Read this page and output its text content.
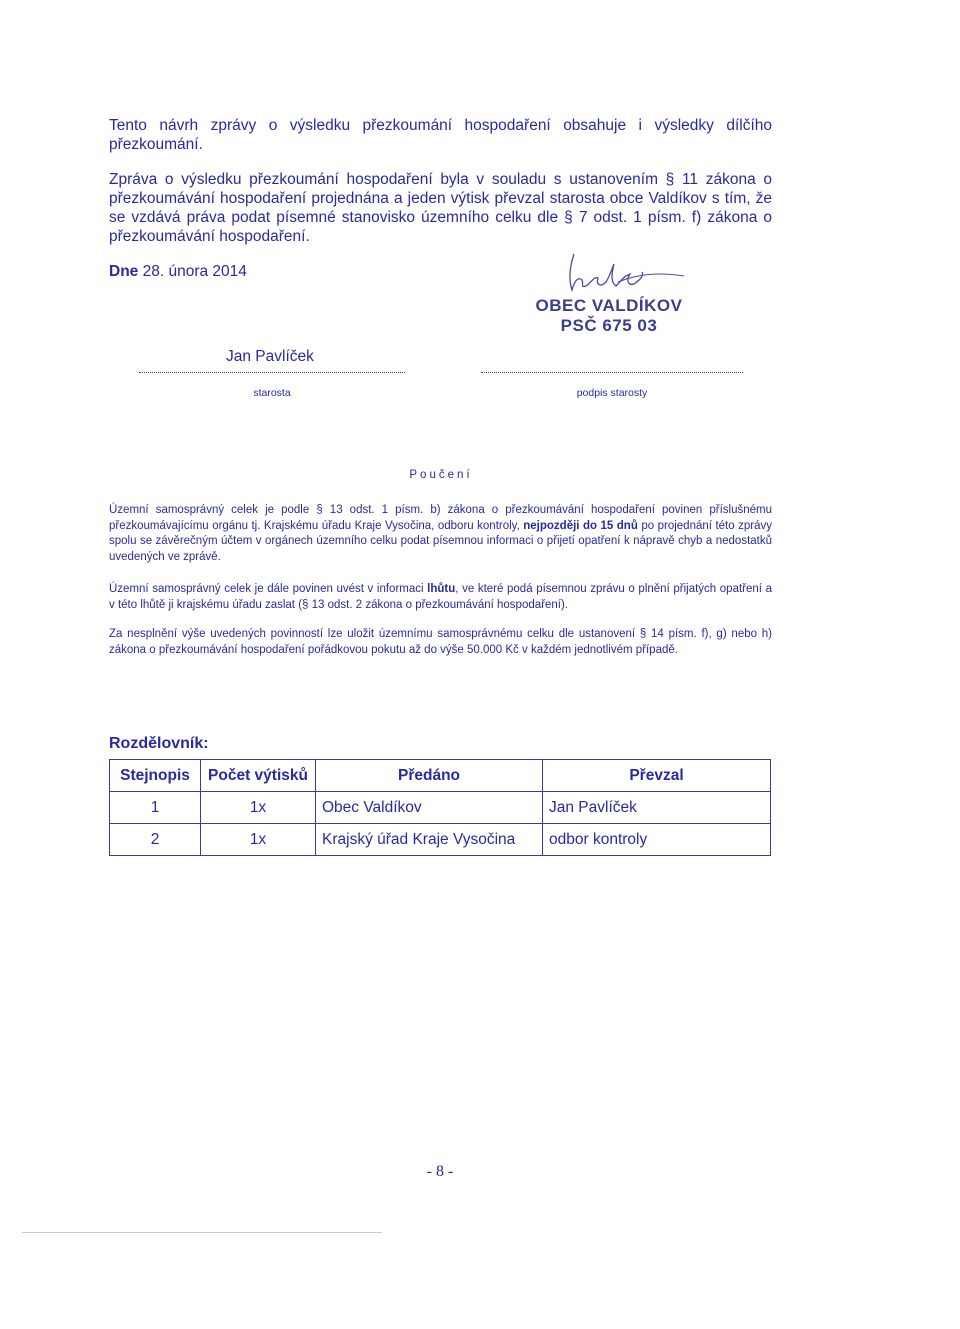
Tento návrh zprávy o výsledku přezkoumání hospodaření obsahuje i výsledky dílčího přezkoumání.

Zpráva o výsledku přezkoumání hospodaření byla v souladu s ustanovením § 11 zákona o přezkoumávání hospodaření projednána a jeden výtisk převzal starosta obce Valdíkov s tím, že se vzdává práva podat písemné stanovisko územního celku dle § 7 odst. 1 písm. f) zákona o přezkoumávání hospodaření.

Dne 28. února 2014
OBEC VALDÍKOV
PSČ 675 03
Jan Pavlíček
starosta	podpis starosty
Poučení

Územní samosprávný celek je podle § 13 odst. 1 písm. b) zákona o přezkoumávání hospodaření povinen příslušnému přezkoumávajícímu orgánu tj. Krajskému úřadu Kraje Vysočina, odboru kontroly, nejpozději do 15 dnů po projednání této zprávy spolu se závěrečným účtem v orgánech územního celku podat písemnou informaci o přijetí opatření k nápravě chyb a nedostatků uvedených ve zprávě.

Územní samosprávný celek je dále povinen uvést v informaci lhůtu, ve které podá písemnou zprávu o plnění přijatých opatření a v této lhůtě ji krajskému úřadu zaslat (§ 13 odst. 2 zákona o přezkoumávání hospodaření).

Za nesplnění výše uvedených povinností lze uložit územnímu samosprávnému celku dle ustanovení § 14 písm. f), g) nebo h) zákona o přezkoumávání hospodaření pořádkovou pokutu až do výše 50.000 Kč v každém jednotlivém případě.

Rozdělovník:
Stejnopis	Počet výtisků	Předáno	Převzal
1	1x	Obec Valdíkov	Jan Pavlíček
2	1x	Krajský úřad Kraje Vysočina	odbor kontroly
- 8 -
